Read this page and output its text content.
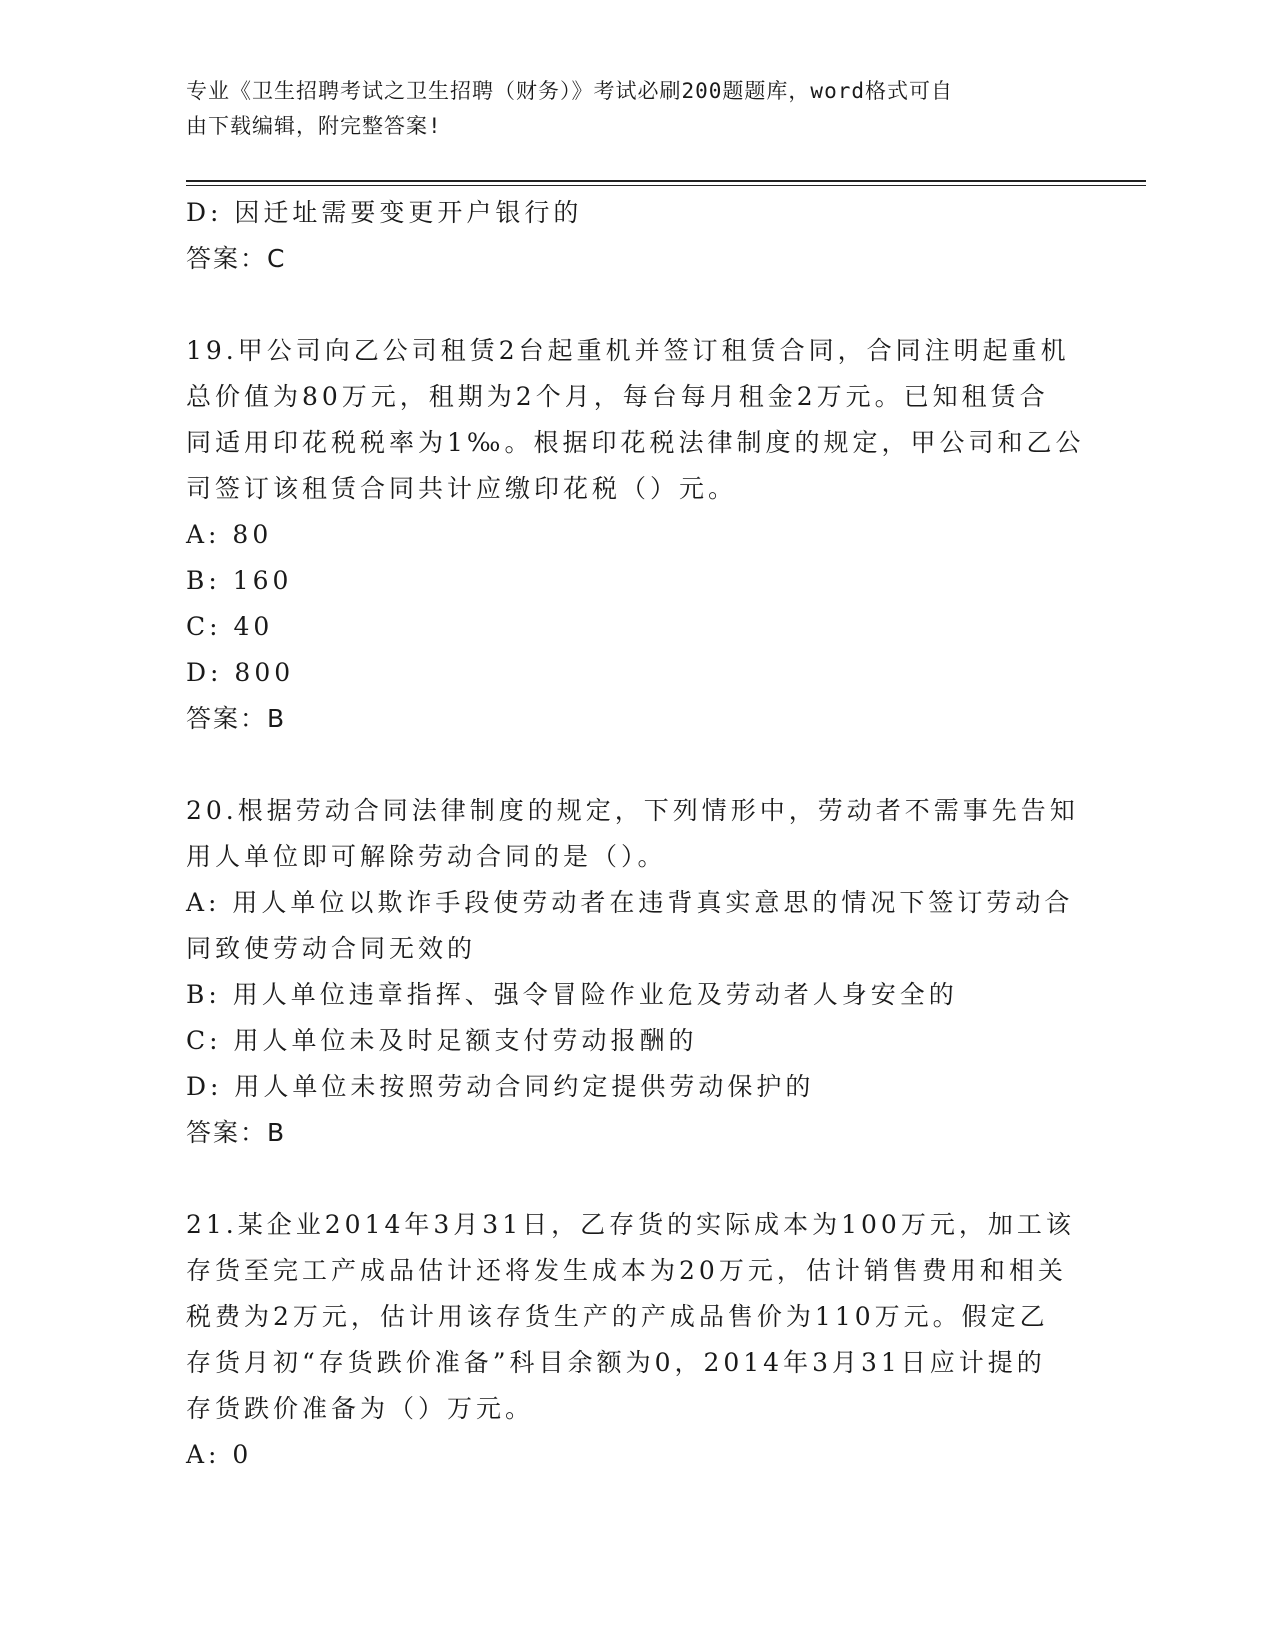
专业《卫生招聘考试之卫生招聘（财务）》考试必刷200题题库，word格式可自
由下载编辑，附完整答案!
D: 因迁址需要变更开户银行的
答案：C
19.甲公司向乙公司租赁2台起重机并签订租赁合同，合同注明起重机
总价值为80万元，租期为2个月，每台每月租金2万元。已知租赁合
同适用印花税税率为1‰。根据印花税法律制度的规定，甲公司和乙公
司签订该租赁合同共计应缴印花税（）元。
A: 80
B: 160
C: 40
D: 800
答案：B
20.根据劳动合同法律制度的规定，下列情形中，劳动者不需事先告知
用人单位即可解除劳动合同的是（）。
A: 用人单位以欺诈手段使劳动者在违背真实意思的情况下签订劳动合
同致使劳动合同无效的
B: 用人单位违章指挥、强令冒险作业危及劳动者人身安全的
C: 用人单位未及时足额支付劳动报酬的
D: 用人单位未按照劳动合同约定提供劳动保护的
答案：B
21.某企业2014年3月31日，乙存货的实际成本为100万元，加工该
存货至完工产成品估计还将发生成本为20万元，估计销售费用和相关
税费为2万元，估计用该存货生产的产成品售价为110万元。假定乙
存货月初“存货跌价准备”科目余额为0，2014年3月31日应计提的
存货跌价准备为（）万元。
A: 0
